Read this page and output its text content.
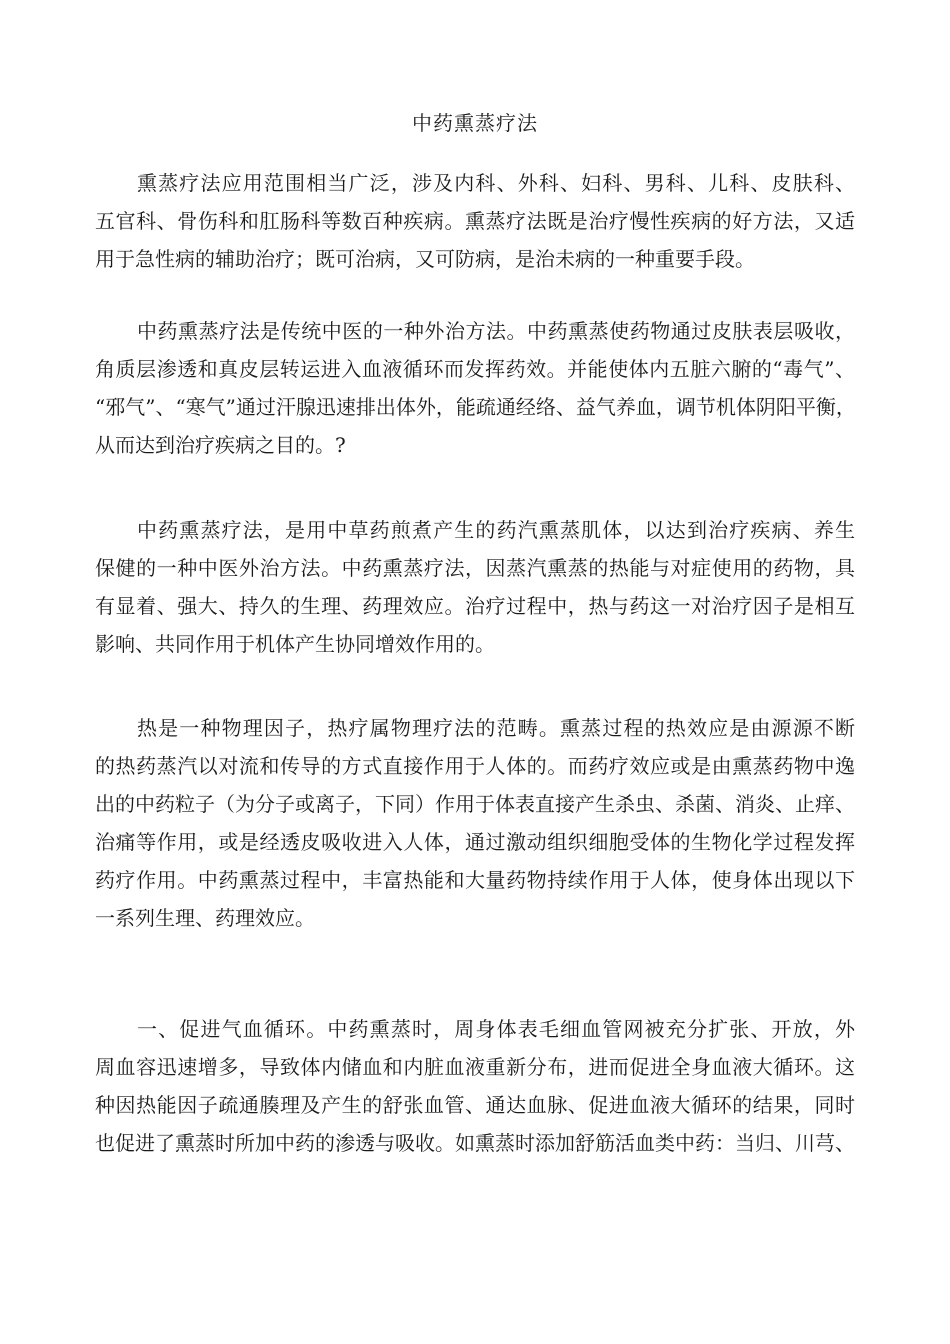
中药熏蒸疗法
熏蒸疗法应用范围相当广泛，涉及内科、外科、妇科、男科、儿科、皮肤科、
五官科、骨伤科和肛肠科等数百种疾病。熏蒸疗法既是治疗慢性疾病的好方法，又适
用于急性病的辅助治疗；既可治病，又可防病，是治未病的一种重要手段。
中药熏蒸疗法是传统中医的一种外治方法。中药熏蒸使药物通过皮肤表层吸收，
角质层渗透和真皮层转运进入血液循环而发挥药效。并能使体内五脏六腑的“毒气”、
“邪气”、“寒气”通过汗腺迅速排出体外，能疏通经络、益气养血，调节机体阴阳平衡，
从而达到治疗疾病之目的。?
中药熏蒸疗法，是用中草药煎煮产生的药汽熏蒸肌体，以达到治疗疾病、养生
保健的一种中医外治方法。中药熏蒸疗法，因蒸汽熏蒸的热能与对症使用的药物，具
有显着、强大、持久的生理、药理效应。治疗过程中，热与药这一对治疗因子是相互
影响、共同作用于机体产生协同增效作用的。
热是一种物理因子，热疗属物理疗法的范畴。熏蒸过程的热效应是由源源不断
的热药蒸汽以对流和传导的方式直接作用于人体的。而药疗效应或是由熏蒸药物中逸
出的中药粒子（为分子或离子，下同）作用于体表直接产生杀虫、杀菌、消炎、止痒、
治痛等作用，或是经透皮吸收进入人体，通过激动组织细胞受体的生物化学过程发挥
药疗作用。中药熏蒸过程中，丰富热能和大量药物持续作用于人体，使身体出现以下
一系列生理、药理效应。
一、促进气血循环。中药熏蒸时，周身体表毛细血管网被充分扩张、开放，外
周血容迅速增多，导致体内储血和内脏血液重新分布，进而促进全身血液大循环。这
种因热能因子疏通腠理及产生的舒张血管、通达血脉、促进血液大循环的结果，同时
也促进了熏蒸时所加中药的渗透与吸收。如熏蒸时添加舒筋活血类中药：当归、川芎、
